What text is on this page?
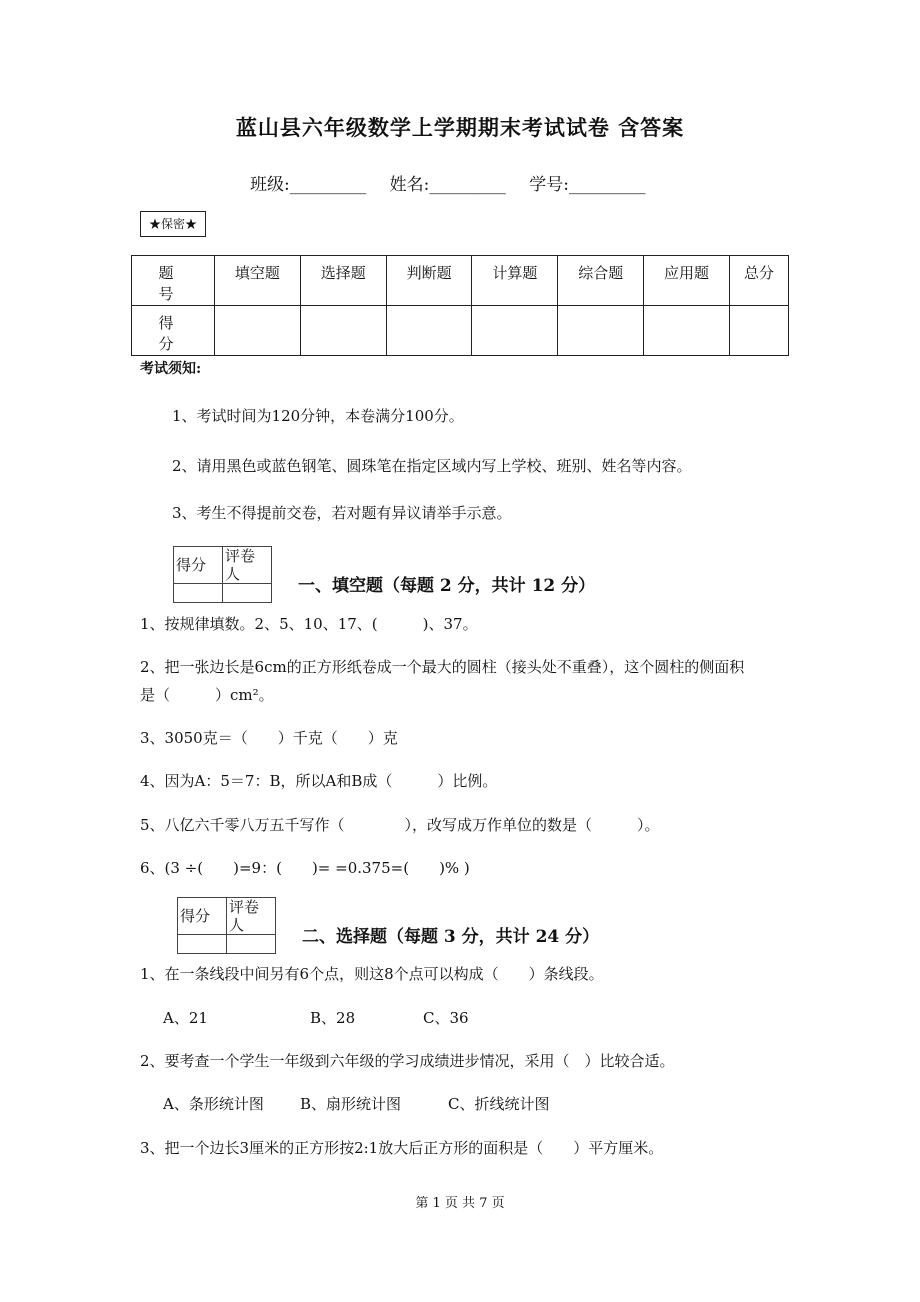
蓝山县六年级数学上学期期末考试试卷 含答案
班级:_________ 姓名:_________ 学号:_________
★保密★
题　号	填空题	选择题	判断题	计算题	综合题	应用题	总分
得　分							
考试须知:
1、考试时间为120分钟，本卷满分100分。
2、请用黑色或蓝色钢笔、圆珠笔在指定区域内写上学校、班别、姓名等内容。
3、考生不得提前交卷，若对题有异议请举手示意。
得分	评卷人

一、填空题（每题 2 分，共计 12 分）
1、按规律填数。2、5、10、17、(　　　)、37。
2、把一张边长是6cm的正方形纸卷成一个最大的圆柱（接头处不重叠），这个圆柱的侧面积
是（　　　）cm²。
3、3050克＝（　　）千克（　　）克
4、因为A：5＝7：B，所以A和B成（　　　）比例。
5、八亿六千零八万五千写作（　　　　），改写成万作单位的数是（　　　）。
6、(3 ÷(　　)=9：(　　)= =0.375=(　　)% )
得分	评卷人

二、选择题（每题 3 分，共计 24 分）
1、在一条线段中间另有6个点，则这8个点可以构成（　　）条线段。
A、21	B、28	C、36
2、要考查一个学生一年级到六年级的学习成绩进步情况，采用（　）比较合适。
A、条形统计图 B、扇形统计图	C、折线统计图
3、把一个边长3厘米的正方形按2:1放大后正方形的面积是（　　）平方厘米。
第 1 页 共 7 页
